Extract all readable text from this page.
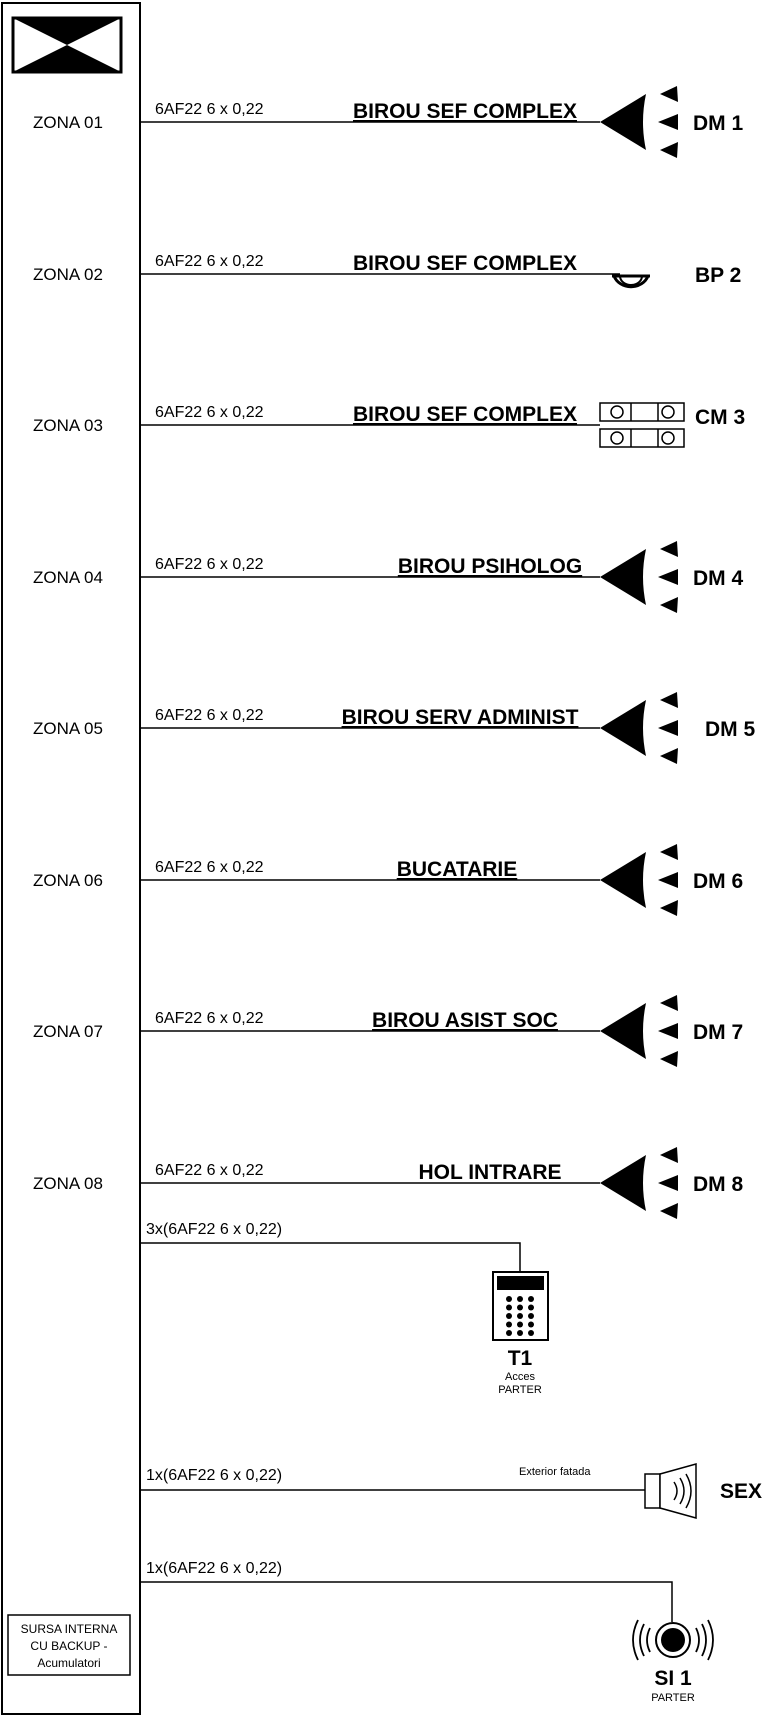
SURSA INTERNA
CU BACKUP -
Acumulatori
ZONA 01
6AF22 6 x 0,22	BIROU SEF COMPLEX
DM 1
ZONA 02
6AF22 6 x 0,22	BIROU SEF COMPLEX
BP 2
ZONA 03
6AF22 6 x 0,22	BIROU SEF COMPLEX	CM 3
ZONA 04
6AF22 6 x 0,22	BIROU PSIHOLOG
DM 4
ZONA 05
6AF22 6 x 0,22	BIROU SERV ADMINIST
DM 5
ZONA 06
6AF22 6 x 0,22	BUCATARIE
DM 6
ZONA 07
6AF22 6 x 0,22	BIROU ASIST SOC
DM 7
ZONA 08
6AF22 6 x 0,22	HOL INTRARE
DM 8
3x(6AF22 6 x 0,22)
T1
Acces
PARTER
1x(6AF22 6 x 0,22)	Exterior fatada
SEX
1x(6AF22 6 x 0,22)
SI 1
PARTER
